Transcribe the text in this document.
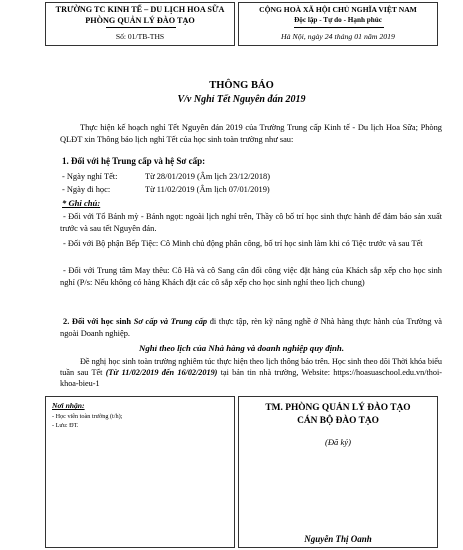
TRƯỜNG TC KINH TẾ – DU LỊCH HOA SỮA
PHÒNG QUẢN LÝ ĐÀO TẠO
Số: 01/TB-THS
CỘNG HOÀ XÃ HỘI CHỦ NGHĨA VIỆT NAM
Độc lập - Tự do - Hạnh phúc
Hà Nội, ngày 24 tháng 01 năm 2019
THÔNG BÁO
V/v Nghỉ Tết Nguyên đán 2019
Thực hiện kế hoạch nghỉ Tết Nguyên đán 2019 của Trường Trung cấp Kinh tế - Du lịch Hoa Sữa; Phòng QLĐT xin Thông báo lịch nghỉ Tết của học sinh toàn trường như sau:
1. Đối với hệ Trung cấp và hệ Sơ cấp:
- Ngày nghỉ Tết:	Từ 28/01/2019 (Âm lịch 23/12/2018)
- Ngày đi học:	Từ 11/02/2019 (Âm lịch 07/01/2019)
* Ghi chú:
- Đối với Tổ Bánh mỳ - Bánh ngọt: ngoài lịch nghỉ trên, Thầy cô bố trí học sinh thực hành để đảm bảo sản xuất trước và sau tết Nguyên đán.
- Đối với Bộ phận Bếp Tiệc: Cô Minh chủ động phân công, bố trí học sinh làm khi có Tiệc trước và sau Tết
- Đối với Trung tâm May thêu: Cô Hà và cô Sang cân đối công việc đặt hàng của Khách sắp xếp cho học sinh nghỉ (P/s: Nếu không có hàng Khách đặt các cô sắp xếp cho học sinh nghỉ theo lịch chung)
2. Đối với học sinh Sơ cấp và Trung cấp đi thực tập, rèn kỹ năng nghề ở Nhà hàng thực hành của Trường và ngoài Doanh nghiệp.
Nghỉ theo lịch của Nhà hàng và doanh nghiệp quy định.
Đề nghị học sinh toàn trường nghiêm túc thực hiện theo lịch thông báo trên. Học sinh theo dõi Thời khóa biểu tuần sau Tết (Từ 11/02/2019 đến 16/02/2019) tại bản tin nhà trường, Website: https://hoasuaschool.edu.vn/thoi-khoa-bieu-1
Nơi nhận:
- Học viên toàn trường (t/h);
- Lưu: ĐT.
TM. PHÒNG QUẢN LÝ ĐÀO TẠO
CÁN BỘ ĐÀO TẠO
(Đã ký)
Nguyễn Thị Oanh
